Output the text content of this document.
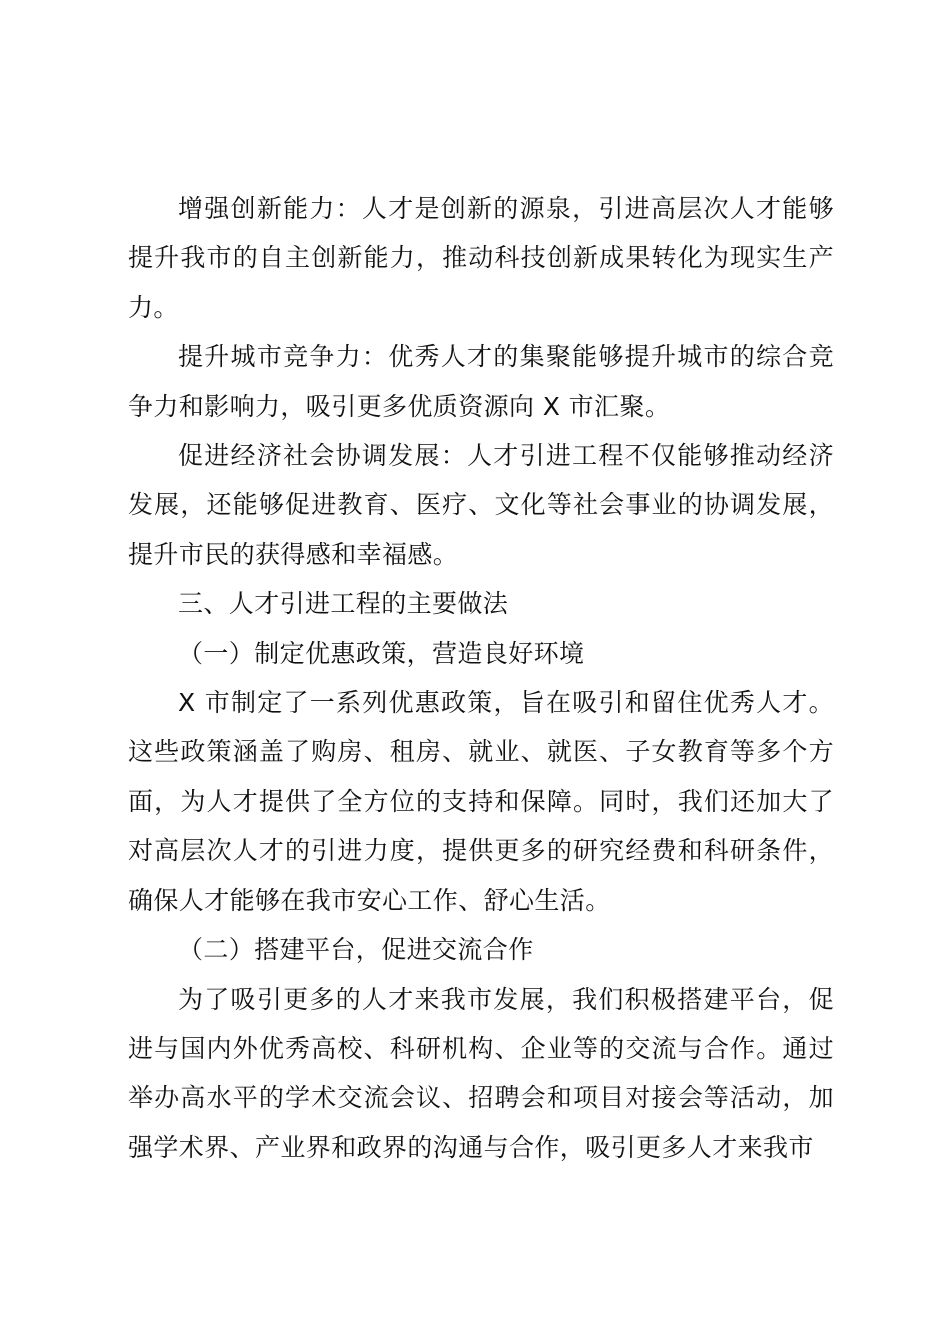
增强创新能力：人才是创新的源泉，引进高层次人才能够提升我市的自主创新能力，推动科技创新成果转化为现实生产力。

提升城市竞争力：优秀人才的集聚能够提升城市的综合竞争力和影响力，吸引更多优质资源向 X 市汇聚。

促进经济社会协调发展：人才引进工程不仅能够推动经济发展，还能够促进教育、医疗、文化等社会事业的协调发展，提升市民的获得感和幸福感。

三、人才引进工程的主要做法

（一）制定优惠政策，营造良好环境

X 市制定了一系列优惠政策，旨在吸引和留住优秀人才。这些政策涵盖了购房、租房、就业、就医、子女教育等多个方面，为人才提供了全方位的支持和保障。同时，我们还加大了对高层次人才的引进力度，提供更多的研究经费和科研条件，确保人才能够在我市安心工作、舒心生活。

（二）搭建平台，促进交流合作

为了吸引更多的人才来我市发展，我们积极搭建平台，促进与国内外优秀高校、科研机构、企业等的交流与合作。通过举办高水平的学术交流会议、招聘会和项目对接会等活动，加强学术界、产业界和政界的沟通与合作，吸引更多人才来我市
